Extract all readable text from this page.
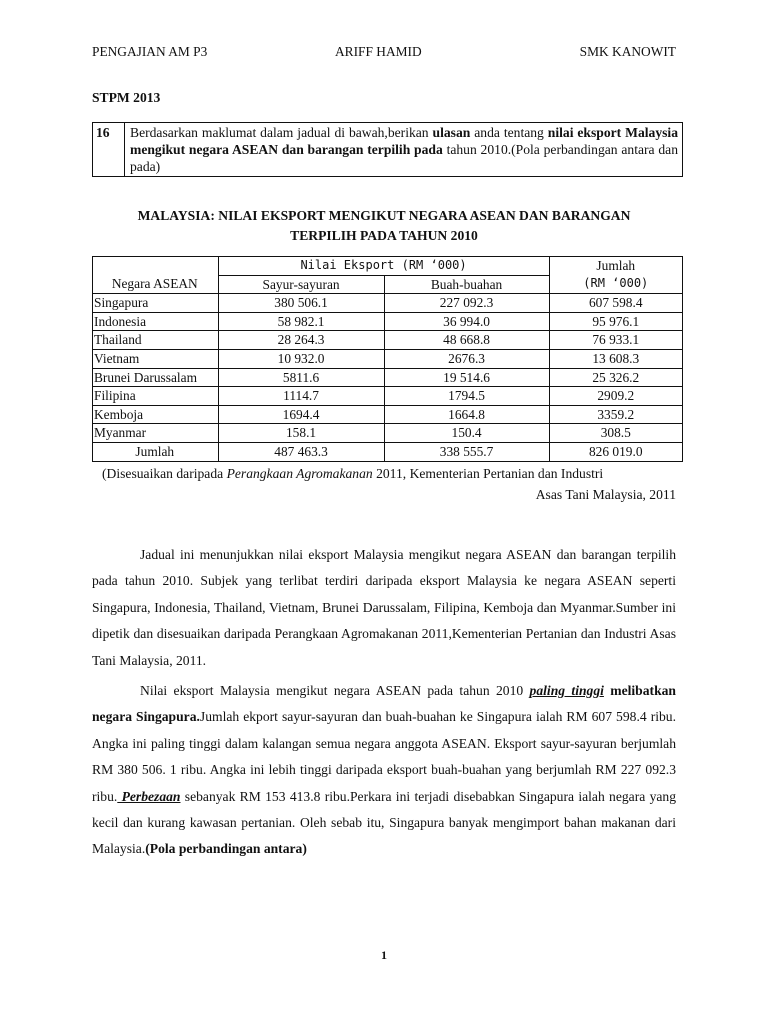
PENGAJIAN AM P3	ARIFF HAMID	SMK KANOWIT
STPM 2013
16	Berdasarkan maklumat dalam jadual di bawah,berikan ulasan anda tentang nilai eksport Malaysia mengikut negara ASEAN dan barangan terpilih pada tahun 2010.(Pola perbandingan antara dan pada)
MALAYSIA: NILAI EKSPORT MENGIKUT NEGARA ASEAN DAN BARANGAN
TERPILIH PADA TAHUN 2010
	Nilai Eksport (RM ‘000)		Jumlah
Negara ASEAN	Sayur-sayuran	Buah-buahan	(RM ‘000)
Singapura	380 506.1	227 092.3	607 598.4
Indonesia	58 982.1	36 994.0	95 976.1
Thailand	28 264.3	48 668.8	76 933.1
Vietnam	10 932.0	2676.3	13 608.3
Brunei Darussalam	5811.6	19 514.6	25 326.2
Filipina	1114.7	1794.5	2909.2
Kemboja	1694.4	1664.8	3359.2
Myanmar	158.1	150.4	308.5
Jumlah	487 463.3	338 555.7	826 019.0
(Disesuaikan daripada Perangkaan Agromakanan 2011, Kementerian Pertanian dan Industri
Asas Tani Malaysia, 2011
Jadual ini menunjukkan nilai eksport Malaysia mengikut negara ASEAN dan barangan terpilih pada tahun 2010. Subjek yang terlibat terdiri daripada eksport Malaysia ke negara ASEAN seperti Singapura, Indonesia, Thailand, Vietnam, Brunei Darussalam, Filipina, Kemboja dan Myanmar.Sumber ini dipetik dan disesuaikan daripada Perangkaan Agromakanan 2011,Kementerian Pertanian dan Industri Asas Tani Malaysia, 2011.
Nilai eksport Malaysia mengikut negara ASEAN pada tahun 2010 paling tinggi melibatkan negara Singapura.Jumlah ekport sayur-sayuran dan buah-buahan ke Singapura ialah RM 607 598.4 ribu. Angka ini paling tinggi dalam kalangan semua negara anggota ASEAN. Eksport sayur-sayuran berjumlah RM 380 506. 1 ribu. Angka ini lebih tinggi daripada eksport buah-buahan yang berjumlah RM 227 092.3 ribu. Perbezaan sebanyak RM 153 413.8 ribu.Perkara ini terjadi disebabkan Singapura ialah negara yang kecil dan kurang kawasan pertanian. Oleh sebab itu, Singapura banyak mengimport bahan makanan dari Malaysia.(Pola perbandingan antara)
1
